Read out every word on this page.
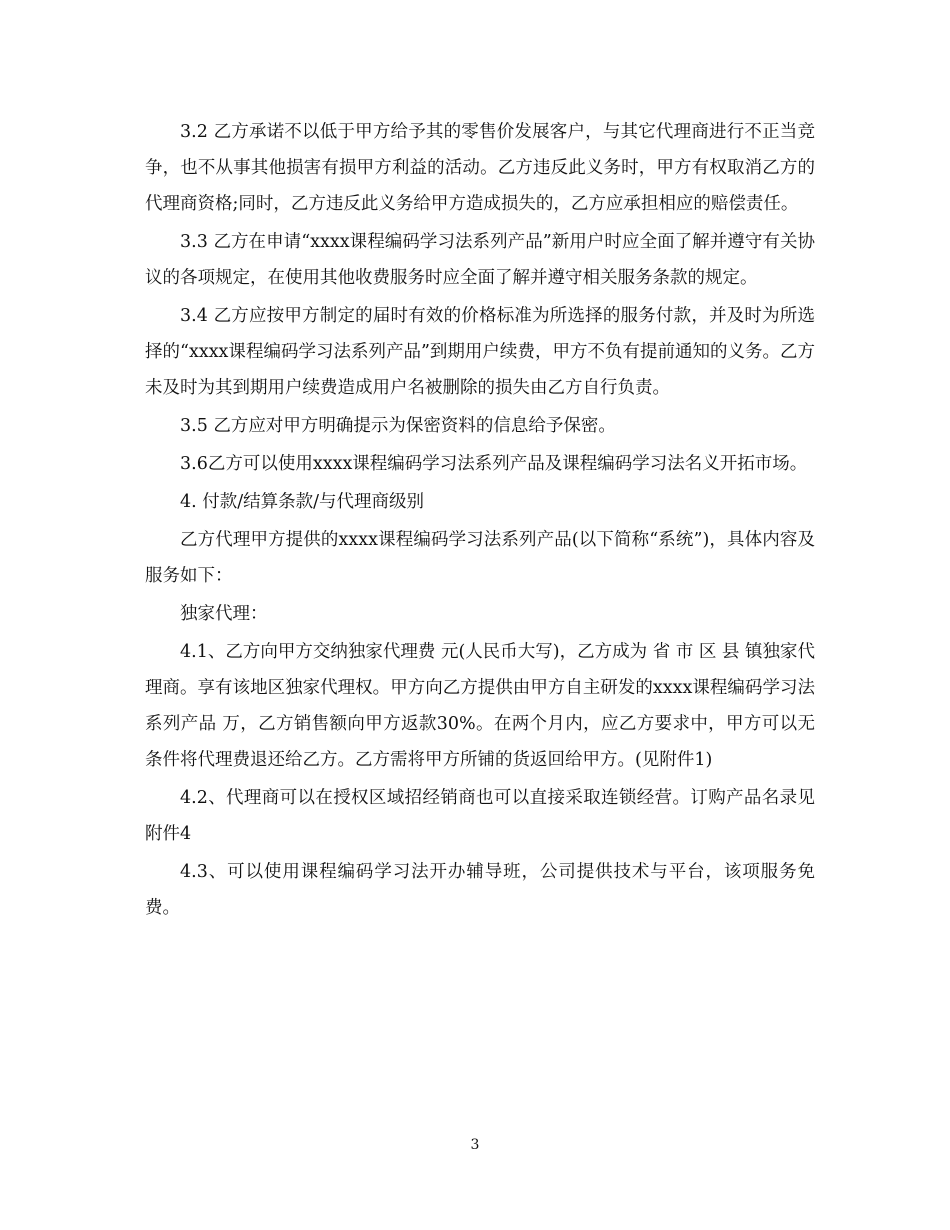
3.2 乙方承诺不以低于甲方给予其的零售价发展客户，与其它代理商进行不正当竞争，也不从事其他损害有损甲方利益的活动。乙方违反此义务时，甲方有权取消乙方的代理商资格;同时，乙方违反此义务给甲方造成损失的，乙方应承担相应的赔偿责任。

3.3 乙方在申请“xxxx课程编码学习法系列产品”新用户时应全面了解并遵守有关协议的各项规定，在使用其他收费服务时应全面了解并遵守相关服务条款的规定。

3.4 乙方应按甲方制定的届时有效的价格标准为所选择的服务付款，并及时为所选择的“xxxx课程编码学习法系列产品”到期用户续费，甲方不负有提前通知的义务。乙方未及时为其到期用户续费造成用户名被删除的损失由乙方自行负责。

3.5 乙方应对甲方明确提示为保密资料的信息给予保密。

3.6乙方可以使用xxxx课程编码学习法系列产品及课程编码学习法名义开拓市场。

4. 付款/结算条款/与代理商级别

乙方代理甲方提供的xxxx课程编码学习法系列产品(以下简称“系统”)，具体内容及服务如下：

独家代理：

4.1、乙方向甲方交纳独家代理费 元(人民币大写)，乙方成为 省 市 区 县 镇独家代理商。享有该地区独家代理权。甲方向乙方提供由甲方自主研发的xxxx课程编码学习法系列产品 万，乙方销售额向甲方返款30%。在两个月内，应乙方要求中，甲方可以无条件将代理费退还给乙方。乙方需将甲方所铺的货返回给甲方。(见附件1)

4.2、代理商可以在授权区域招经销商也可以直接采取连锁经营。订购产品名录见附件4

4.3、可以使用课程编码学习法开办辅导班，公司提供技术与平台，该项服务免费。

3
